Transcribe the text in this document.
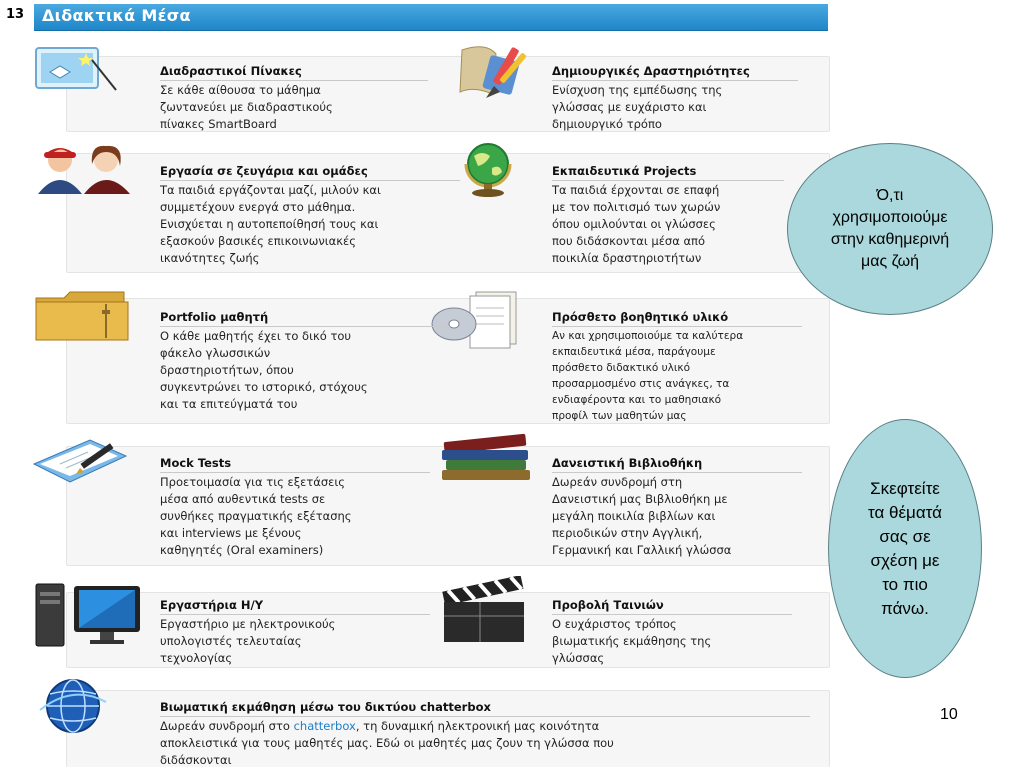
13 Διδακτικά Μέσα
Διαδραστικοί Πίνακες
Σε κάθε αίθουσα το μάθημα
ζωντανεύει με διαδραστικούς
πίνακες SmartBoard
Δημιουργικές Δραστηριότητες
Ενίσχυση της εμπέδωσης της
γλώσσας με ευχάριστο και
δημιουργικό τρόπο
Εργασία σε ζευγάρια και ομάδες
Τα παιδιά εργάζονται μαζί, μιλούν και
συμμετέχουν ενεργά στο μάθημα.
Ενισχύεται η αυτοπεποίθησή τους και
εξασκούν βασικές επικοινωνιακές
ικανότητες ζωής
Εκπαιδευτικά Projects
Τα παιδιά έρχονται σε επαφή
με τον πολιτισμό των χωρών
όπου ομιλούνται οι γλώσσες
που διδάσκονται μέσα από
ποικιλία δραστηριοτήτων
Portfolio μαθητή
Ο κάθε μαθητής έχει το δικό του
φάκελο γλωσσικών
δραστηριοτήτων, όπου
συγκεντρώνει το ιστορικό, στόχους
και τα επιτεύγματά του
Πρόσθετο βοηθητικό υλικό
Αν και χρησιμοποιούμε τα καλύτερα
εκπαιδευτικά μέσα, παράγουμε
πρόσθετο διδακτικό υλικό
προσαρμοσμένο στις ανάγκες, τα
ενδιαφέροντα και το μαθησιακό
προφίλ των μαθητών μας
Mock Tests
Προετοιμασία για τις εξετάσεις
μέσα από αυθεντικά tests σε
συνθήκες πραγματικής εξέτασης
και interviews με ξένους
καθηγητές (Oral examiners)
Δανειστική Βιβλιοθήκη
Δωρεάν συνδρομή στη
Δανειστική μας Βιβλιοθήκη με
μεγάλη ποικιλία βιβλίων και
περιοδικών στην Αγγλική,
Γερμανική και Γαλλική γλώσσα
Εργαστήρια Η/Υ
Εργαστήριο με ηλεκτρονικούς
υπολογιστές τελευταίας
τεχνολογίας
Προβολή Ταινιών
Ο ευχάριστος τρόπος
βιωματικής εκμάθησης της
γλώσσας
Βιωματική εκμάθηση μέσω του δικτύου chatterbox
Δωρεάν συνδρομή στο chatterbox, τη δυναμική ηλεκτρονική μας κοινότητα
αποκλειστικά για τους μαθητές μας. Εδώ οι μαθητές μας ζουν τη γλώσσα που
διδάσκονται
Ό,τι
χρησιμοποιούμε
στην καθημερινή
μας ζωή
Σκεφτείτε
τα θέματά
σας σε
σχέση με
το πιο
πάνω.
10
